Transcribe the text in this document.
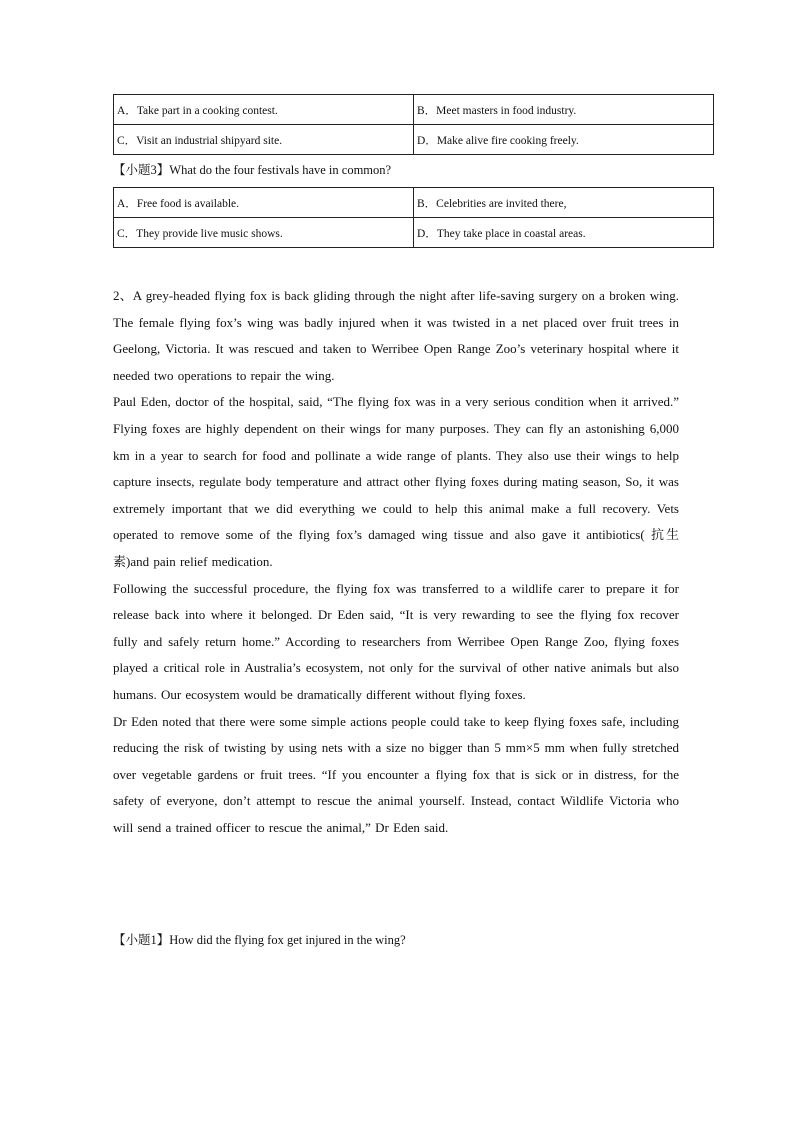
A．Take part in a cooking contest.	B．Meet masters in food industry.
C．Visit an industrial shipyard site.	D．Make alive fire cooking freely.
【小题3】What do the four festivals have in common?
A．Free food is available.	B．Celebrities are invited there,
C．They provide live music shows.	D．They take place in coastal areas.

2、A grey-headed flying fox is back gliding through the night after life-saving surgery on a broken wing. The female flying fox’s wing was badly injured when it was twisted in a net placed over fruit trees in Geelong, Victoria. It was rescued and taken to Werribee Open Range Zoo’s veterinary hospital where it needed two operations to repair the wing.

Paul Eden, doctor of the hospital, said, “The flying fox was in a very serious condition when it arrived.” Flying foxes are highly dependent on their wings for many purposes. They can fly an astonishing 6,000 km in a year to search for food and pollinate a wide range of plants. They also use their wings to help capture insects, regulate body temperature and attract other flying foxes during mating season, So, it was extremely important that we did everything we could to help this animal make a full recovery. Vets operated to remove some of the flying fox’s damaged wing tissue and also gave it antibiotics( 抗生素)and pain relief medication.

Following the successful procedure, the flying fox was transferred to a wildlife carer to prepare it for release back into where it belonged. Dr Eden said, “It is very rewarding to see the flying fox recover fully and safely return home.” According to researchers from Werribee Open Range Zoo, flying foxes played a critical role in Australia’s ecosystem, not only for the survival of other native animals but also humans. Our ecosystem would be dramatically different without flying foxes.

Dr Eden noted that there were some simple actions people could take to keep flying foxes safe, including reducing the risk of twisting by using nets with a size no bigger than 5 mm×5 mm when fully stretched over vegetable gardens or fruit trees. “If you encounter a flying fox that is sick or in distress, for the safety of everyone, don’t attempt to rescue the animal yourself. Instead, contact Wildlife Victoria who will send a trained officer to rescue the animal,” Dr Eden said.

【小题1】How did the flying fox get injured in the wing?
